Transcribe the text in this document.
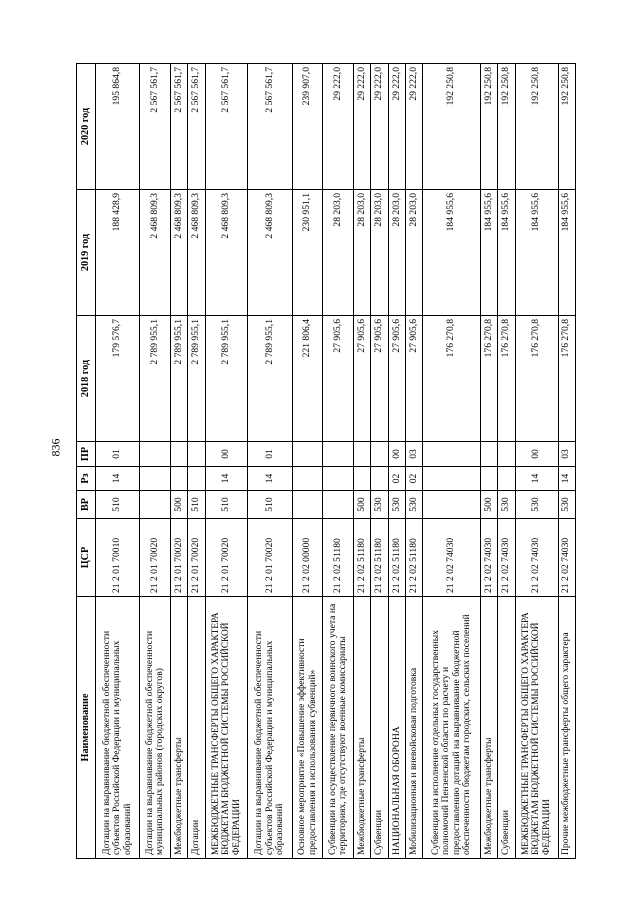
836
Наименование	ЦСР	ВР	Рз	ПР	2018 год	2019 год	2020 год
Дотации на выравнивание бюджетной обеспеченности субъектов Российской Федерации и муниципальных образований	21 2 01 70010	510	14	01	179 576,7	188 428,9	195 864,8
Дотации на выравнивание бюджетной обеспеченности муниципальных районов (городских округов)	21 2 01 70020				2 789 955,1	2 468 809,3	2 567 561,7
Межбюджетные трансферты	21 2 01 70020	500			2 789 955,1	2 468 809,3	2 567 561,7
Дотации	21 2 01 70020	510			2 789 955,1	2 468 809,3	2 567 561,7
МЕЖБЮДЖЕТНЫЕ ТРАНСФЕРТЫ ОБЩЕГО ХАРАКТЕРА БЮДЖЕТАМ БЮДЖЕТНОЙ СИСТЕМЫ РОССИЙСКОЙ ФЕДЕРАЦИИ	21 2 01 70020	510	14	00	2 789 955,1	2 468 809,3	2 567 561,7
Дотации на выравнивание бюджетной обеспеченности субъектов Российской Федерации и муниципальных образований	21 2 01 70020	510	14	01	2 789 955,1	2 468 809,3	2 567 561,7
Основное мероприятие «Повышение эффективности предоставления и использования субвенций»	21 2 02 00000				221 806,4	230 951,1	239 907,0
Субвенции на осуществление первичного воинского учета на территориях, где отсутствуют военные комиссариаты	21 2 02 51180				27 905,6	28 203,0	29 222,0
Межбюджетные трансферты	21 2 02 51180	500			27 905,6	28 203,0	29 222,0
Субвенции	21 2 02 51180	530			27 905,6	28 203,0	29 222,0
НАЦИОНАЛЬНАЯ ОБОРОНА	21 2 02 51180	530	02	00	27 905,6	28 203,0	29 222,0
Мобилизационная и вневойсковая подготовка	21 2 02 51180	530	02	03	27 905,6	28 203,0	29 222,0
Субвенции на исполнение отдельных государственных полномочий Пензенской области по расчету и предоставлению дотаций на выравнивание бюджетной обеспеченности бюджетам городских, сельских поселений	21 2 02 74030				176 270,8	184 955,6	192 250,8
Межбюджетные трансферты	21 2 02 74030	500			176 270,8	184 955,6	192 250,8
Субвенции	21 2 02 74030	530			176 270,8	184 955,6	192 250,8
МЕЖБЮДЖЕТНЫЕ ТРАНСФЕРТЫ ОБЩЕГО ХАРАКТЕРА БЮДЖЕТАМ БЮДЖЕТНОЙ СИСТЕМЫ РОССИЙСКОЙ ФЕДЕРАЦИИ	21 2 02 74030	530	14	00	176 270,8	184 955,6	192 250,8
Прочие межбюджетные трансферты общего характера	21 2 02 74030	530	14	03	176 270,8	184 955,6	192 250,8
